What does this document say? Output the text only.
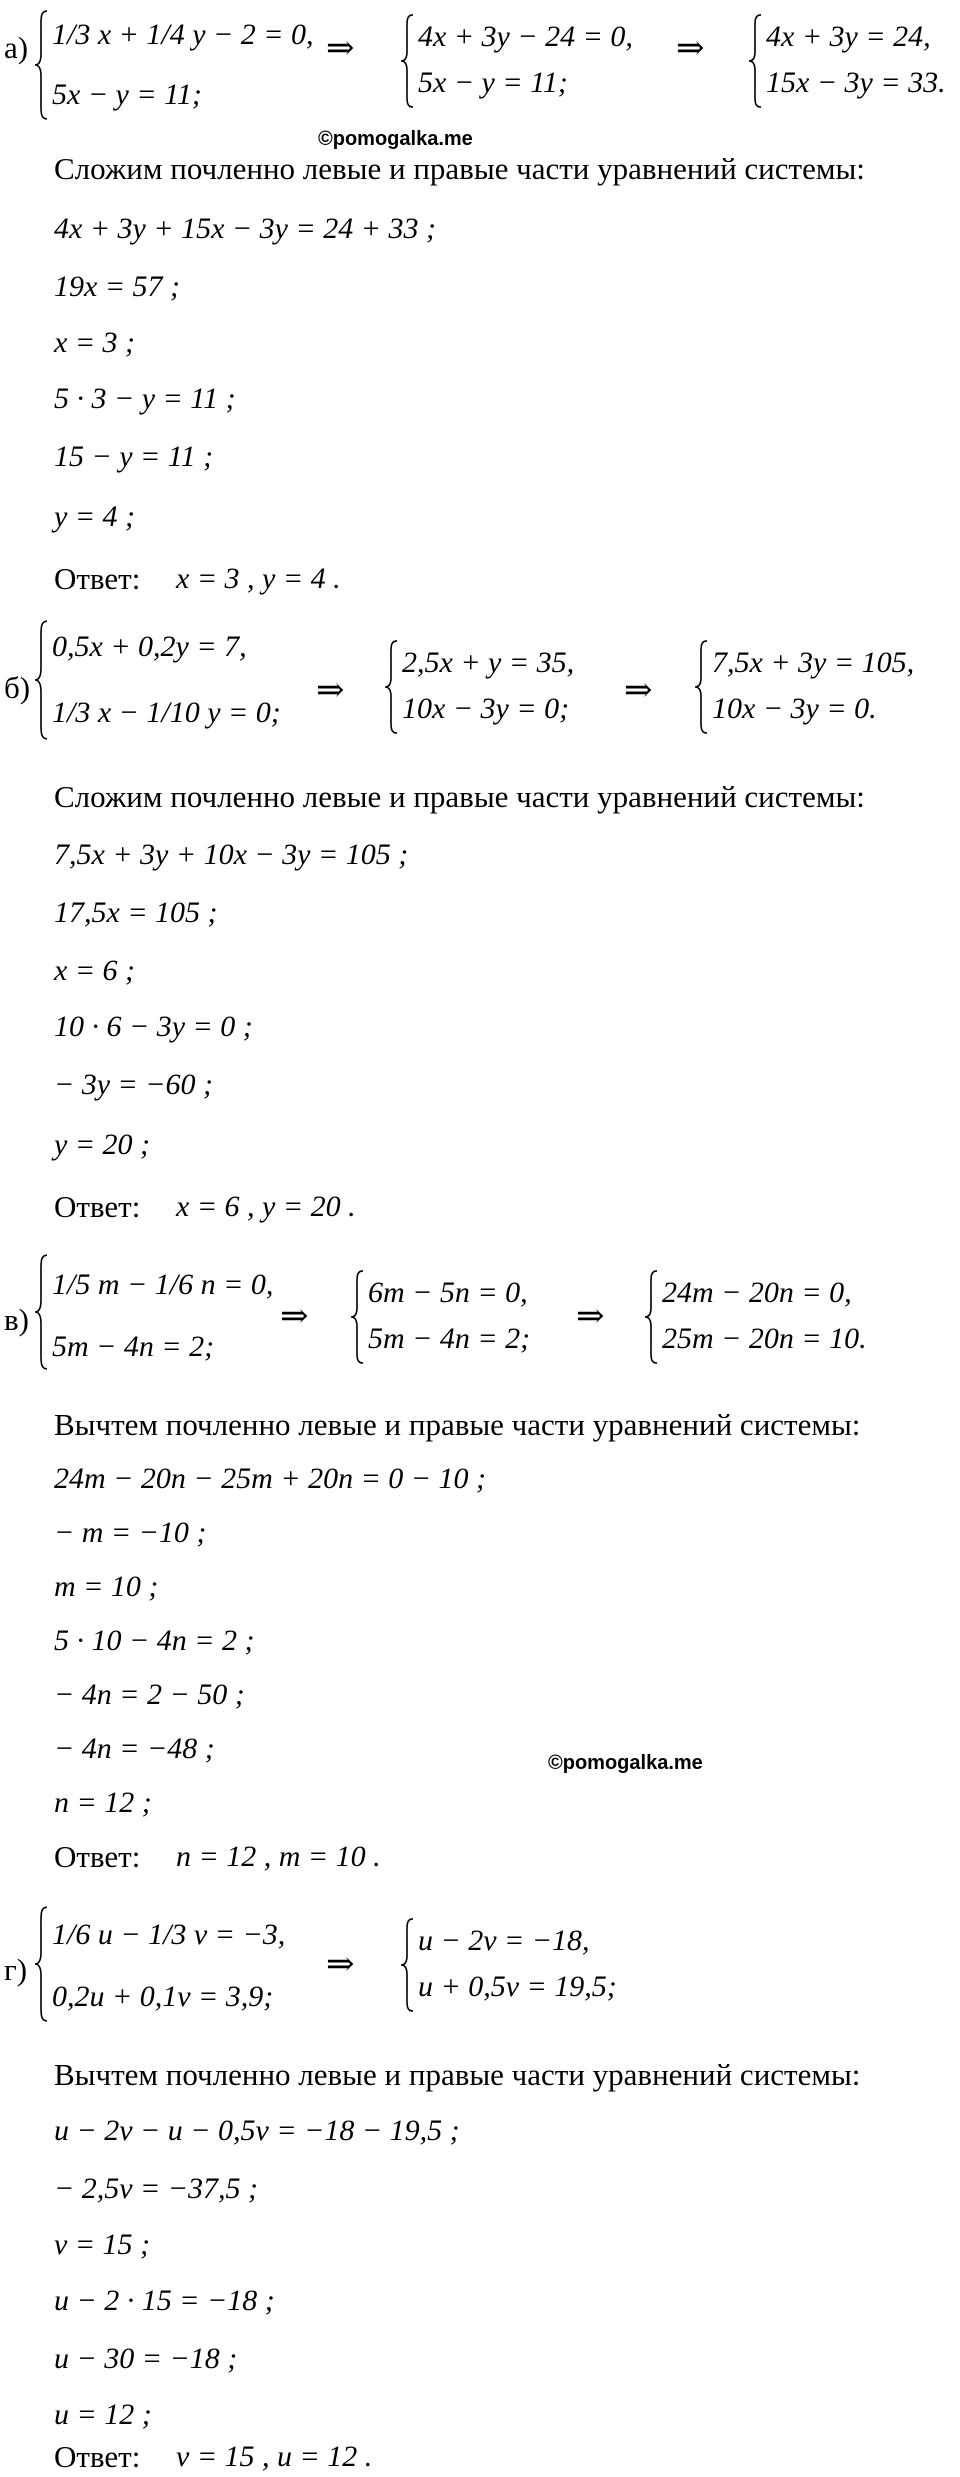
а) 1/3 x + 1/4 y − 2 = 0,
5x − y = 11;
⇒ 4x + 3y − 24 = 0,
5x − y = 11;
⇒ 4x + 3y = 24,
15x − 3y = 33.
©pomogalka.me
Сложим почленно левые и правые части уравнений системы:
4x + 3y + 15x − 3y = 24 + 33 ;
19x = 57 ;
x = 3 ;
5 · 3 − y = 11 ;
15 − y = 11 ;
y = 4 ;
Ответ: x = 3 , y = 4 .
б)
0,5x + 0,2y = 7,
1/3 x − 1/10 y = 0;
⇒
2,5x + y = 35,
10x − 3y = 0; ⇒
7,5x + 3y = 105,
10x − 3y = 0.
Сложим почленно левые и правые части уравнений системы:
7,5x + 3y + 10x − 3y = 105 ;
17,5x = 105 ;
x = 6 ;
10 · 6 − 3y = 0 ;
− 3y = −60 ;
y = 20 ;
Ответ: x = 6 , y = 20 .
в)
1/5 m − 1/6 n = 0,
5m − 4n = 2;
⇒
6m − 5n = 0,
5m − 4n = 2;
⇒
24m − 20n = 0,
25m − 20n = 10.
Вычтем почленно левые и правые части уравнений системы:
24m − 20n − 25m + 20n = 0 − 10 ;
− m = −10 ;
m = 10 ;
5 · 10 − 4n = 2 ;
− 4n = 2 − 50 ;
− 4n = −48 ;	©pomogalka.me
n = 12 ;
Ответ: n = 12 , m = 10 .
г)
1/6 u − 1/3 v = −3,
0,2u + 0,1v = 3,9;
⇒
u − 2v = −18,
u + 0,5v = 19,5;
Вычтем почленно левые и правые части уравнений системы:
u − 2v − u − 0,5v = −18 − 19,5 ;
− 2,5v = −37,5 ;
v = 15 ;
u − 2 · 15 = −18 ;
u − 30 = −18 ;
u = 12 ;
Ответ: v = 15 , u = 12 .
